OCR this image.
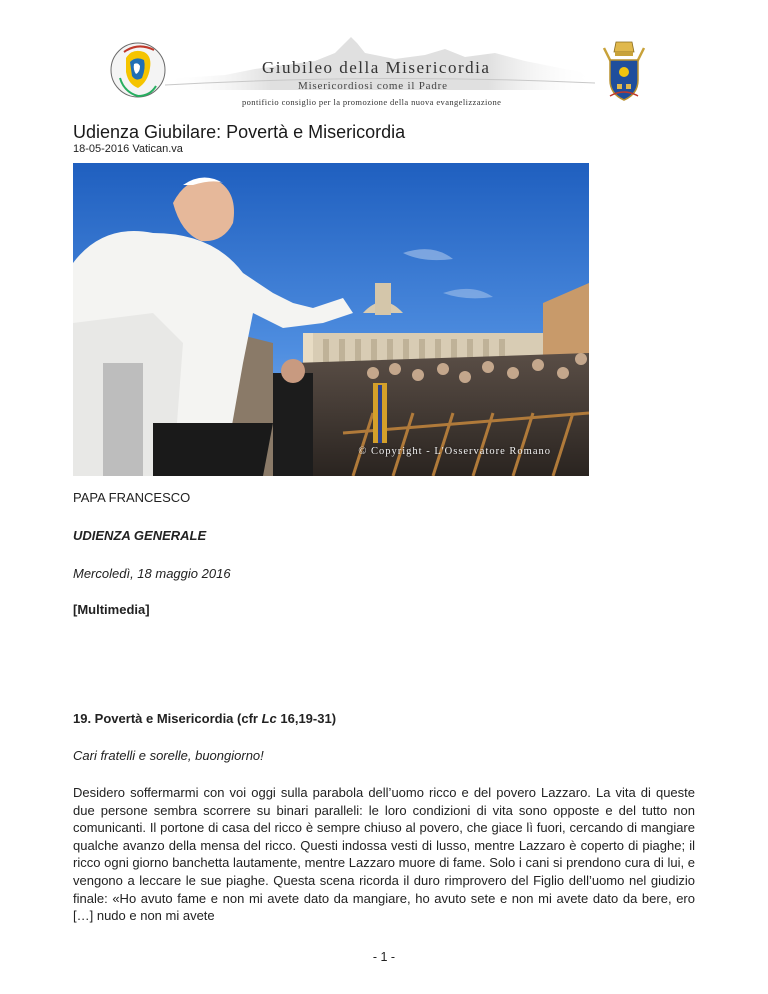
Giubileo della Misericordia
Misericordiosi come il Padre
pontificio consiglio per la promozione della nuova evangelizzazione
Udienza Giubilare: Povertà e Misericordia
18-05-2016 Vatican.va
© Copyright - L'Osservatore Romano
PAPA FRANCESCO
UDIENZA GENERALE
Mercoledì, 18 maggio 2016
[Multimedia]
19. Povertà e Misericordia (cfr Lc 16,19-31)
Cari fratelli e sorelle, buongiorno!
Desidero soffermarmi con voi oggi sulla parabola dell’uomo ricco e del povero Lazzaro. La vita di queste due persone sembra scorrere su binari paralleli: le loro condizioni di vita sono opposte e del tutto non comunicanti. Il portone di casa del ricco è sempre chiuso al povero, che giace lì fuori, cercando di mangiare qualche avanzo della mensa del ricco. Questi indossa vesti di lusso, mentre Lazzaro è coperto di piaghe; il ricco ogni giorno banchetta lautamente, mentre Lazzaro muore di fame. Solo i cani si prendono cura di lui, e vengono a leccare le sue piaghe. Questa scena ricorda il duro rimprovero del Figlio dell’uomo nel giudizio finale: «Ho avuto fame e non mi avete dato da mangiare, ho avuto sete e non mi avete dato da bere, ero […] nudo e non mi avete
- 1 -
